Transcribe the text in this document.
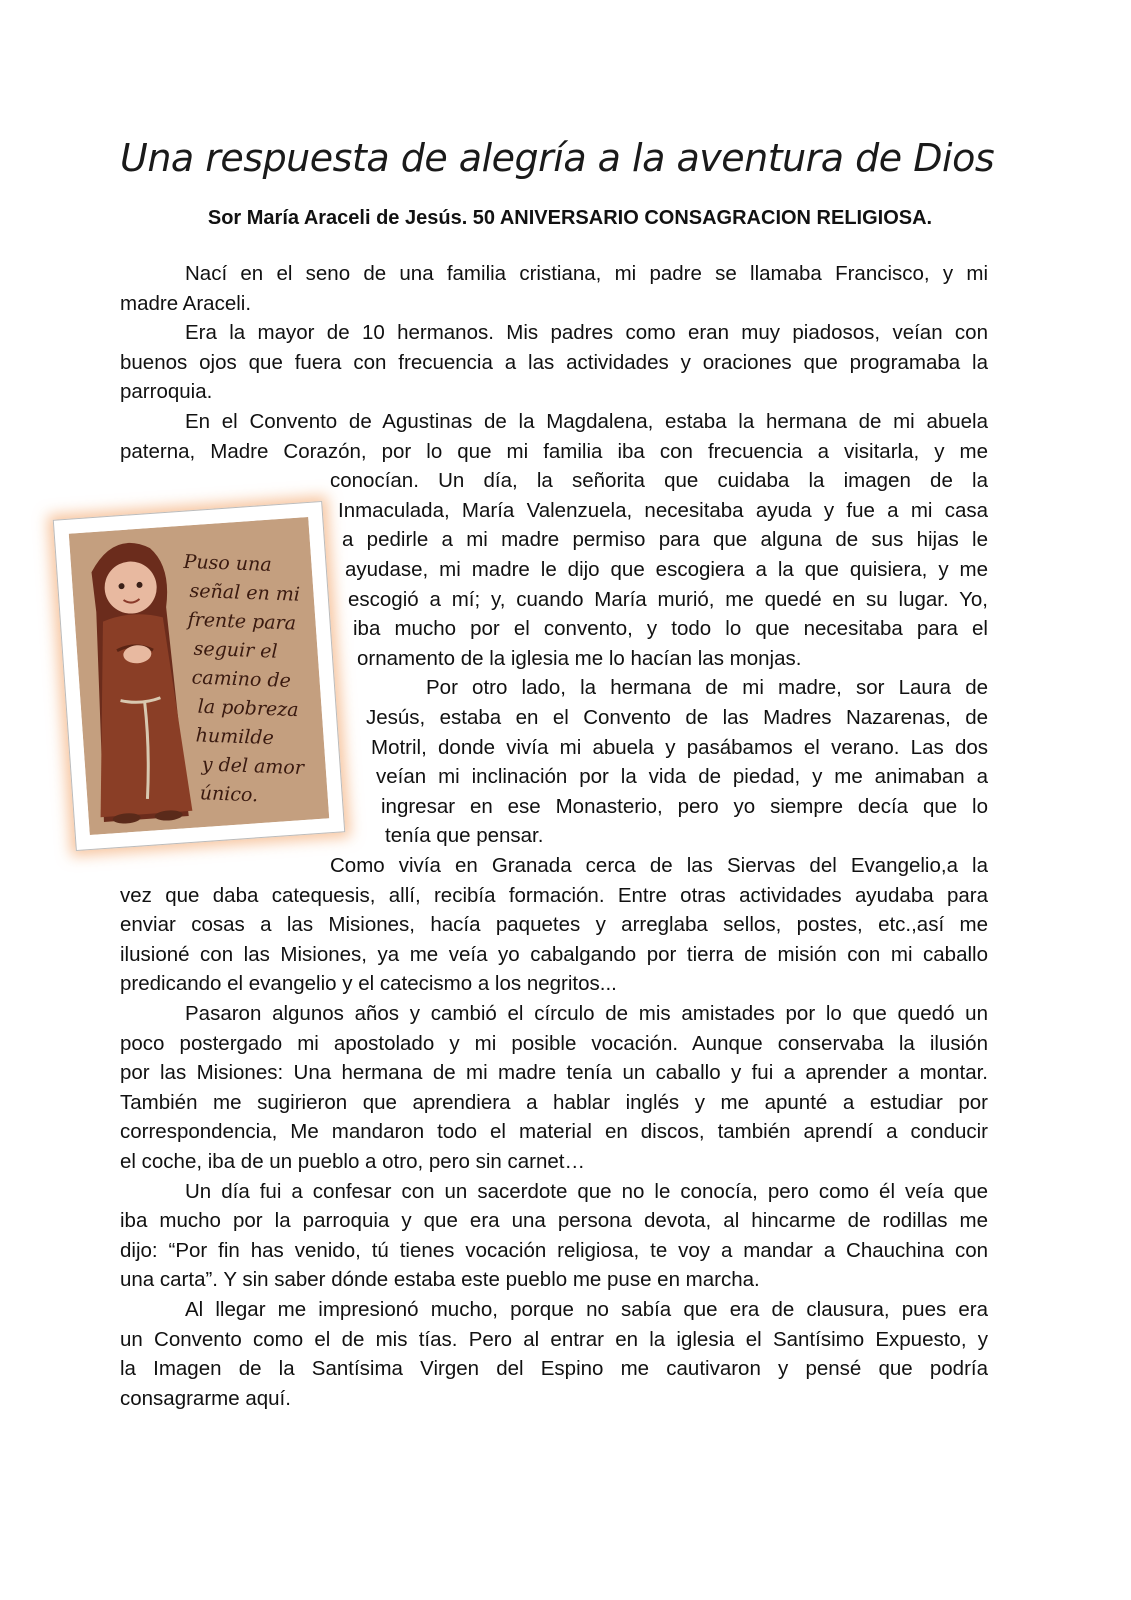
Una respuesta de alegría a la aventura de Dios

Sor María Araceli de Jesús. 50 ANIVERSARIO CONSAGRACION RELIGIOSA.

Puso una
señal en mi
frente para
seguir el
camino de
la pobreza
humilde
y del amor
único.
Nací en el seno de una familia cristiana, mi padre se llamaba Francisco, y mi
madre Araceli.
Era la mayor de 10 hermanos. Mis padres como eran muy piadosos, veían con
buenos ojos que fuera con frecuencia a las actividades y oraciones que programaba la
parroquia.
En el Convento de Agustinas de la Magdalena, estaba la hermana de mi abuela
paterna, Madre Corazón, por lo que mi familia iba con frecuencia a visitarla, y me
conocían. Un día, la señorita que cuidaba la imagen de la
Inmaculada, María Valenzuela, necesitaba ayuda y fue a mi casa
a pedirle a mi madre permiso para que alguna de sus hijas le
ayudase, mi madre le dijo que escogiera a la que quisiera, y me
escogió a mí; y, cuando María murió, me quedé en su lugar. Yo,
iba mucho por el convento, y todo lo que necesitaba para el
ornamento de la iglesia me lo hacían las monjas.
Por otro lado, la hermana de mi madre, sor Laura de
Jesús, estaba en el Convento de las Madres Nazarenas, de
Motril, donde vivía mi abuela y pasábamos el verano. Las dos
veían mi inclinación por la vida de piedad, y me animaban a
ingresar en ese Monasterio, pero yo siempre decía que lo
tenía que pensar.
Como vivía en Granada cerca de las Siervas del Evangelio,a la
vez que daba catequesis, allí, recibía formación. Entre otras actividades ayudaba para
enviar cosas a las Misiones, hacía paquetes y arreglaba sellos, postes, etc.,así me
ilusioné con las Misiones, ya me veía yo cabalgando por tierra de misión con mi caballo
predicando el evangelio y el catecismo a los negritos...
Pasaron algunos años y cambió el círculo de mis amistades por lo que quedó un
poco postergado mi apostolado y mi posible vocación. Aunque conservaba la ilusión
por las Misiones: Una hermana de mi madre tenía un caballo y fui a aprender a montar.
También me sugirieron que aprendiera a hablar inglés y me apunté a estudiar por
correspondencia, Me mandaron todo el material en discos, también aprendí a conducir
el coche, iba de un pueblo a otro, pero sin carnet…
Un día fui a confesar con un sacerdote que no le conocía, pero como él veía que
iba mucho por la parroquia y que era una persona devota, al hincarme de rodillas me
dijo: “Por fin has venido, tú tienes vocación religiosa, te voy a mandar a Chauchina con
una carta”. Y sin saber dónde estaba este pueblo me puse en marcha.
Al llegar me impresionó mucho, porque no sabía que era de clausura, pues era
un Convento como el de mis tías. Pero al entrar en la iglesia el Santísimo Expuesto, y
la Imagen de la Santísima Virgen del Espino me cautivaron y pensé que podría
consagrarme aquí.
